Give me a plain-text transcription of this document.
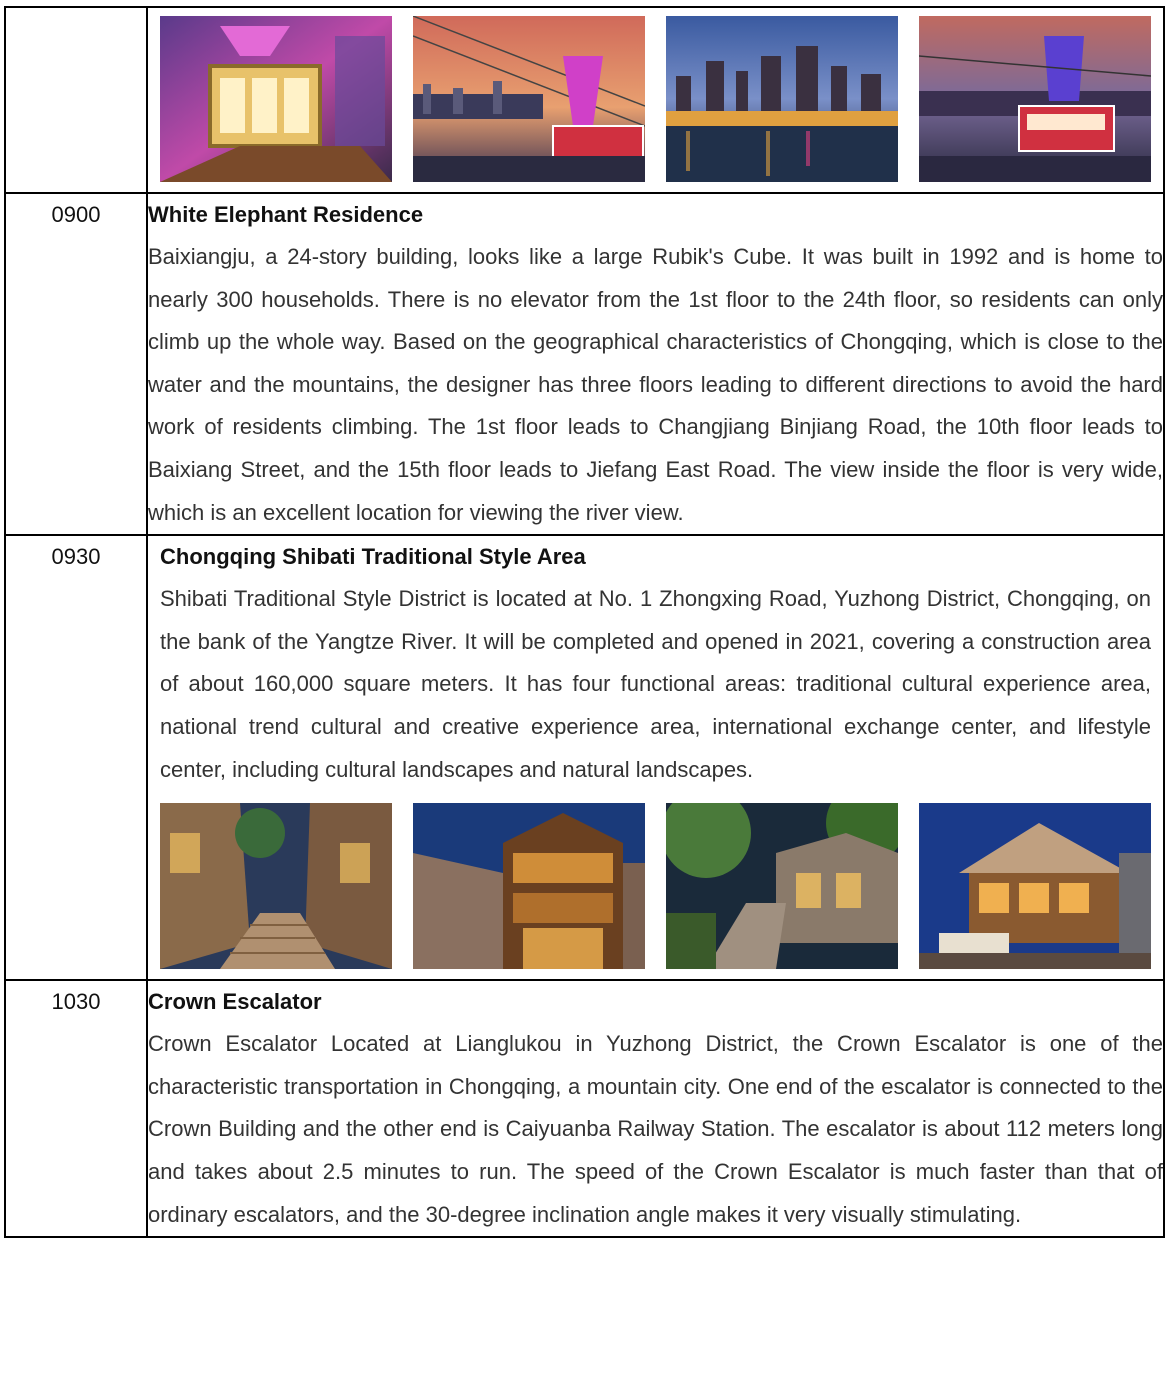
0900	White Elephant Residence

Baixiangju, a 24-story building, looks like a large Rubik's Cube. It was built in 1992 and is home to nearly 300 households. There is no elevator from the 1st floor to the 24th floor, so residents can only climb up the whole way. Based on the geographical characteristics of Chongqing, which is close to the water and the mountains, the designer has three floors leading to different directions to avoid the hard work of residents climbing. The 1st floor leads to Changjiang Binjiang Road, the 10th floor leads to Baixiang Street, and the 15th floor leads to Jiefang East Road. The view inside the floor is very wide, which is an excellent location for viewing the river view.

0930	Chongqing Shibati Traditional Style Area

Shibati Traditional Style District is located at No. 1 Zhongxing Road, Yuzhong District, Chongqing, on the bank of the Yangtze River. It will be completed and opened in 2021, covering a construction area of about 160,000 square meters. It has four functional areas: traditional cultural experience area, national trend cultural and creative experience area, international exchange center, and lifestyle center, including cultural landscapes and natural landscapes.

1030	Crown Escalator

Crown Escalator Located at Lianglukou in Yuzhong District, the Crown Escalator is one of the characteristic transportation in Chongqing, a mountain city. One end of the escalator is connected to the Crown Building and the other end is Caiyuanba Railway Station. The escalator is about 112 meters long and takes about 2.5 minutes to run. The speed of the Crown Escalator is much faster than that of ordinary escalators, and the 30-degree inclination angle makes it very visually stimulating.
